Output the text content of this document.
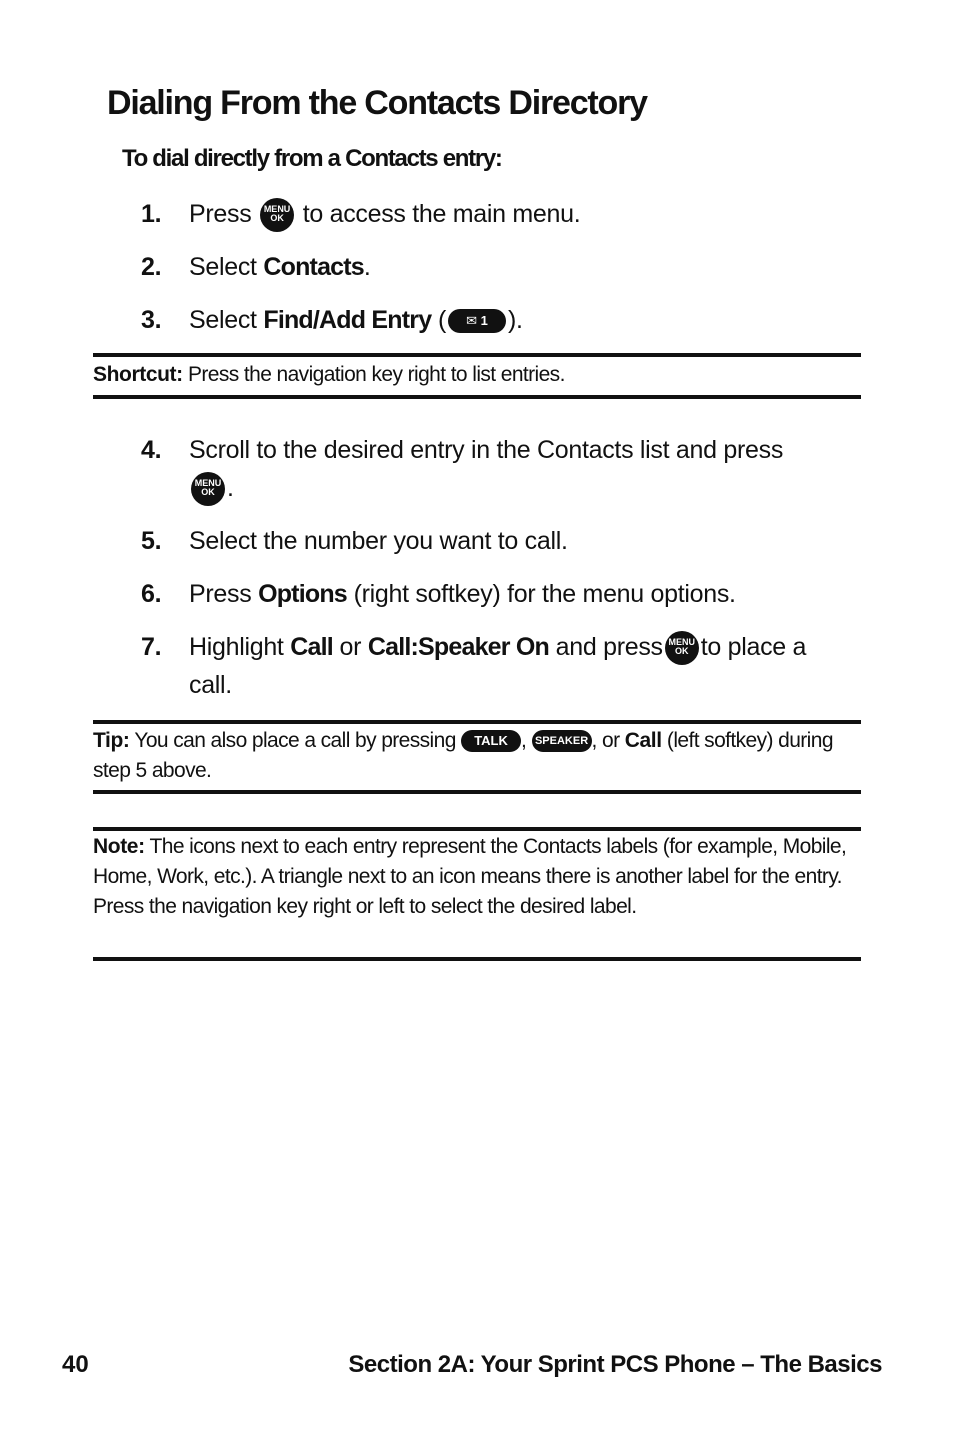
Dialing From the Contacts Directory
To dial directly from a Contacts entry:
1. Press MENU
OK to access the main menu.
2. Select Contacts.
3. Select Find/Add Entry ( ✉ 1 ).
Shortcut: Press the navigation key right to list entries.
4. Scroll to the desired entry in the Contacts list and pressMENU
OK .
5. Select the number you want to call.
6. Press Options (right softkey) for the menu options.
7. Highlight Call or Call:Speaker On and press MENU
OK to place a call.
Tip: You can also place a call by pressing TALK , SPEAKER , or Call (left softkey) during step 5 above.
Note: The icons next to each entry represent the Contacts labels (for example, Mobile, Home, Work, etc.). A triangle next to an icon means there is another label for the entry. Press the navigation key right or left to select the desired label.
40	Section 2A: Your Sprint PCS Phone – The Basics
